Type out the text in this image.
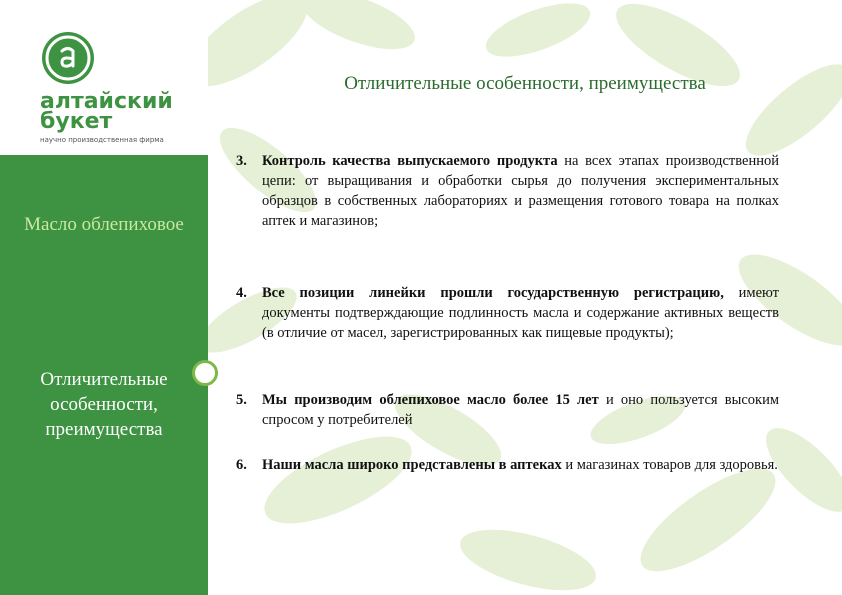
алтайский
букет
научно производственная фирма
Масло облепиховое
Отличительные особенности, преимущества
Отличительные особенности, преимущества
3. Контроль качества выпускаемого продукта на всех этапах производственной цепи: от выращивания и обработки сырья до получения экспериментальных образцов в собственных лабораториях и размещения готового товара на полках аптек и магазинов;
4. Все позиции линейки прошли государственную регистрацию, имеют документы подтверждающие подлинность масла и содержание активных веществ (в отличие от масел, зарегистрированных как пищевые продукты);
5. Мы производим облепиховое масло более 15 лет и оно пользуется высоким спросом у потребителей
6. Наши масла широко представлены в аптеках и магазинах товаров для здоровья.
